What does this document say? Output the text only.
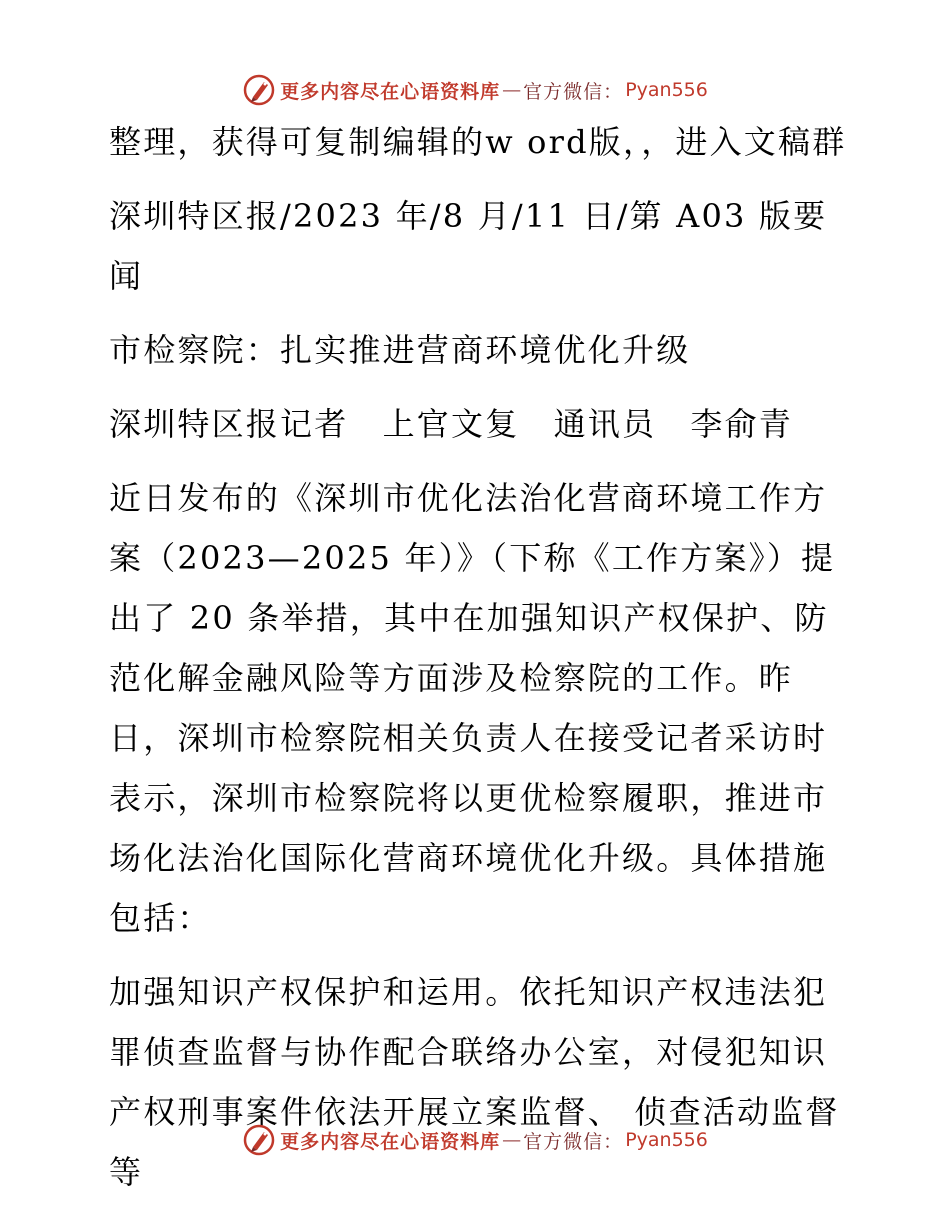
更多内容尽在心语资料库 — 官方微信： Pyan556

整理，获得可复制编辑的w ord版，，进入文稿群

深圳特区报/2023 年/8 月/11 日/第 A03 版要闻

市检察院：扎实推进营商环境优化升级

深圳特区报记者　上官文复　通讯员　李俞青

近日发布的《深圳市优化法治化营商环境工作方案（2023—2025 年）》（下称《工作方案》）提出了 20 条举措，其中在加强知识产权保护、防范化解金融风险等方面涉及检察院的工作。昨日，深圳市检察院相关负责人在接受记者采访时表示，深圳市检察院将以更优检察履职，推进市场化法治化国际化营商环境优化升级。具体措施包括：

加强知识产权保护和运用。依托知识产权违法犯罪侦查监督与协作配合联络办公室，对侵犯知识产权刑事案件依法开展立案监督、 侦查活动监督等

更多内容尽在心语资料库 — 官方微信： Pyan556
